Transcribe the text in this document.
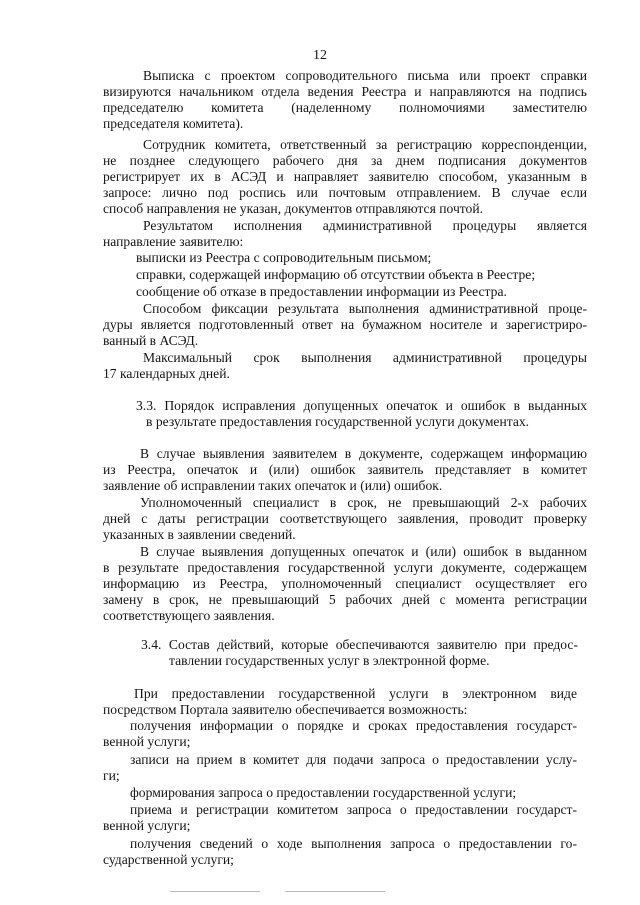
12
Выписка с проектом сопроводительного письма или проект справки
визируются начальником отдела ведения Реестра и направляются на подпись
председателю комитета (наделенному полномочиями заместителю
председателя комитета).
Сотрудник комитета, ответственный за регистрацию корреспонденции,
не позднее следующего рабочего дня за днем подписания документов
регистрирует их в АСЭД и направляет заявителю способом, указанным в
запросе: лично под роспись или почтовым отправлением. В случае если
способ направления не указан, документов отправляются почтой.
Результатом исполнения административной процедуры является
направление заявителю:
выписки из Реестра с сопроводительным письмом;
справки, содержащей информацию об отсутствии объекта в Реестре;
сообщение об отказе в предоставлении информации из Реестра.
Способом фиксации результата выполнения административной проце-
дуры является подготовленный ответ на бумажном носителе и зарегистриро-
ванный в АСЭД.
Максимальный срок выполнения административной процедуры
17 календарных дней.
3.3. Порядок исправления допущенных опечаток и ошибок в выданных
в результате предоставления государственной услуги документах.
В случае выявления заявителем в документе, содержащем информацию
из Реестра, опечаток и (или) ошибок заявитель представляет в комитет
заявление об исправлении таких опечаток и (или) ошибок.
Уполномоченный специалист в срок, не превышающий 2-х рабочих
дней с даты регистрации соответствующего заявления, проводит проверку
указанных в заявлении сведений.
В случае выявления допущенных опечаток и (или) ошибок в выданном
в результате предоставления государственной услуги документе, содержащем
информацию из Реестра, уполномоченный специалист осуществляет его
замену в срок, не превышающий 5 рабочих дней с момента регистрации
соответствующего заявления.
3.4. Состав действий, которые обеспечиваются заявителю при предос-
тавлении государственных услуг в электронной форме.
При предоставлении государственной услуги в электронном виде
посредством Портала заявителю обеспечивается возможность:
получения информации о порядке и сроках предоставления государст-
венной услуги;
записи на прием в комитет для подачи запроса о предоставлении услу-
ги;
формирования запроса о предоставлении государственной услуги;
приема и регистрации комитетом запроса о предоставлении государст-
венной услуги;
получения сведений о ходе выполнения запроса о предоставлении го-
сударственной услуги;
